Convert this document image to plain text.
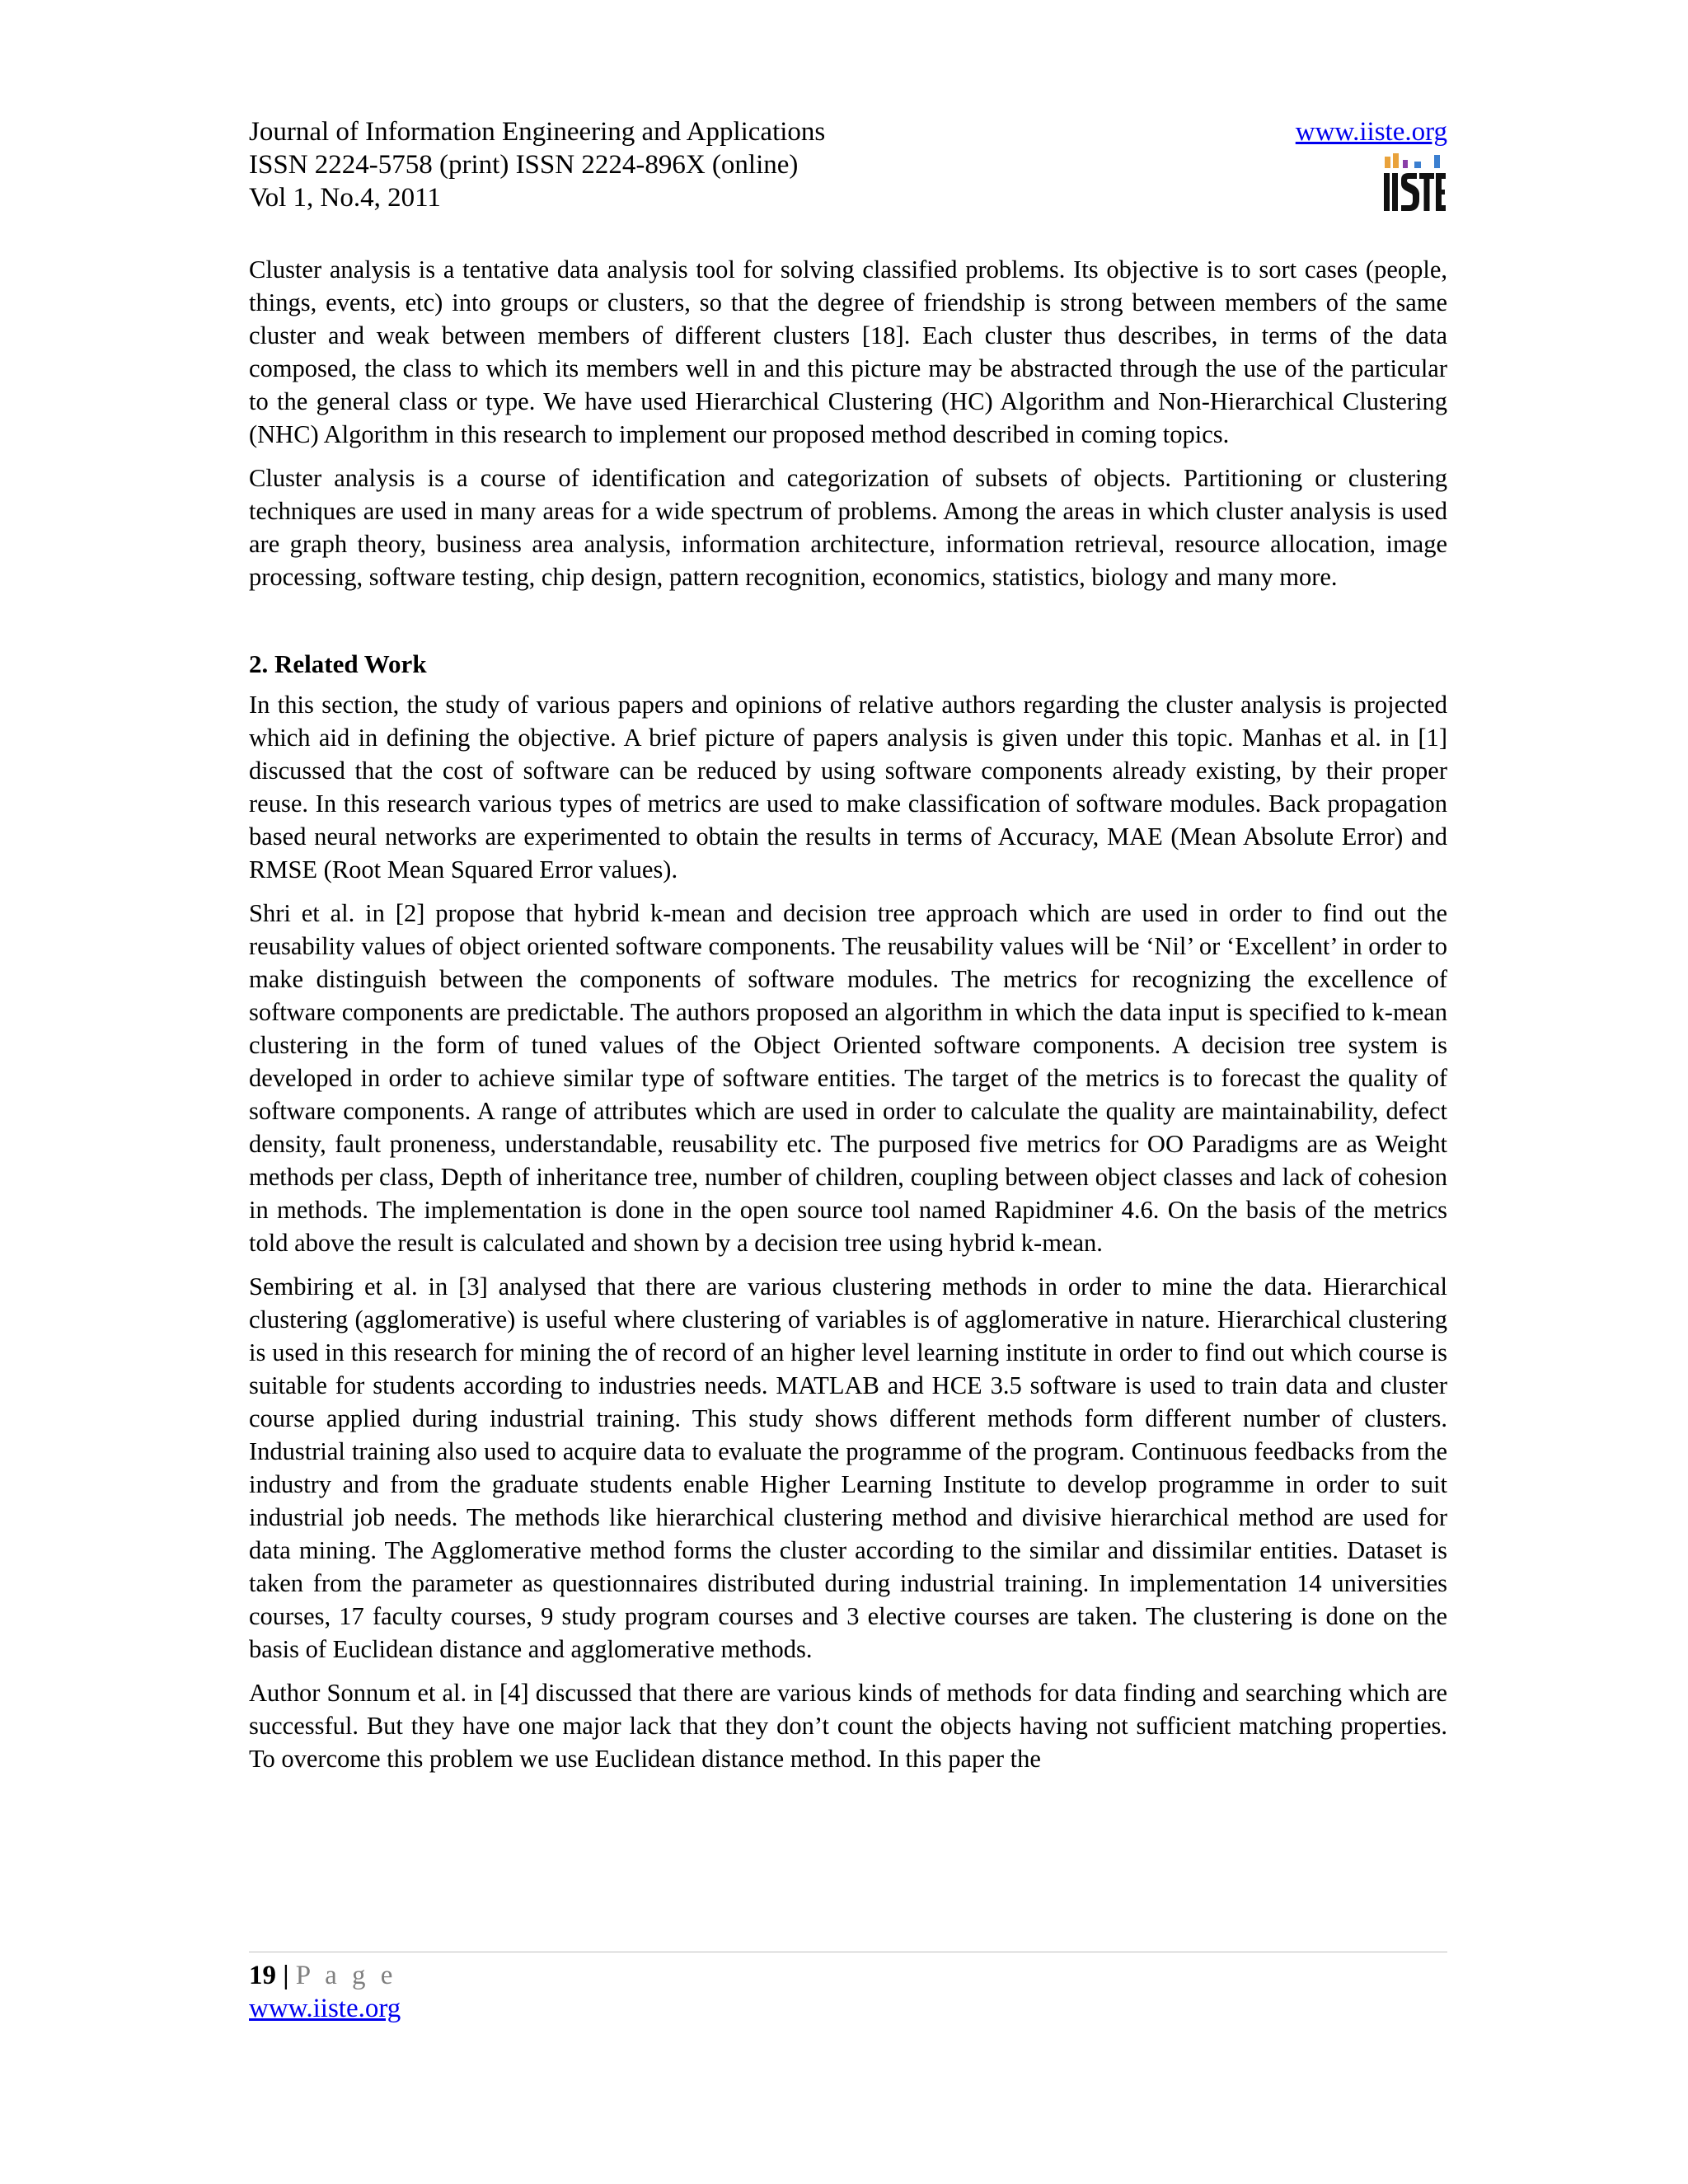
Journal of Information Engineering and Applications
ISSN 2224-5758 (print) ISSN 2224-896X (online)
Vol 1, No.4, 2011
www.iiste.org

Cluster analysis is a tentative data analysis tool for solving classified problems. Its objective is to sort cases (people, things, events, etc) into groups or clusters, so that the degree of friendship is strong between members of the same cluster and weak between members of different clusters [18]. Each cluster thus describes, in terms of the data composed, the class to which its members well in and this picture may be abstracted through the use of the particular to the general class or type. We have used Hierarchical Clustering (HC) Algorithm and Non-Hierarchical Clustering (NHC) Algorithm in this research to implement our proposed method described in coming topics.

Cluster analysis is a course of identification and categorization of subsets of objects. Partitioning or clustering techniques are used in many areas for a wide spectrum of problems. Among the areas in which cluster analysis is used are graph theory, business area analysis, information architecture, information retrieval, resource allocation, image processing, software testing, chip design, pattern recognition, economics, statistics, biology and many more.

2. Related Work

In this section, the study of various papers and opinions of relative authors regarding the cluster analysis is projected which aid in defining the objective. A brief picture of papers analysis is given under this topic. Manhas et al. in [1] discussed that the cost of software can be reduced by using software components already existing, by their proper reuse. In this research various types of metrics are used to make classification of software modules. Back propagation based neural networks are experimented to obtain the results in terms of Accuracy, MAE (Mean Absolute Error) and RMSE (Root Mean Squared Error values).

Shri et al. in [2] propose that hybrid k-mean and decision tree approach which are used in order to find out the reusability values of object oriented software components. The reusability values will be ‘Nil’ or ‘Excellent’ in order to make distinguish between the components of software modules. The metrics for recognizing the excellence of software components are predictable. The authors proposed an algorithm in which the data input is specified to k-mean clustering in the form of tuned values of the Object Oriented software components. A decision tree system is developed in order to achieve similar type of software entities. The target of the metrics is to forecast the quality of software components. A range of attributes which are used in order to calculate the quality are maintainability, defect density, fault proneness, understandable, reusability etc. The purposed five metrics for OO Paradigms are as Weight methods per class, Depth of inheritance tree, number of children, coupling between object classes and lack of cohesion in methods. The implementation is done in the open source tool named Rapidminer 4.6. On the basis of the metrics told above the result is calculated and shown by a decision tree using hybrid k-mean.

Sembiring et al. in [3] analysed that there are various clustering methods in order to mine the data. Hierarchical clustering (agglomerative) is useful where clustering of variables is of agglomerative in nature. Hierarchical clustering is used in this research for mining the of record of an higher level learning institute in order to find out which course is suitable for students according to industries needs. MATLAB and HCE 3.5 software is used to train data and cluster course applied during industrial training. This study shows different methods form different number of clusters. Industrial training also used to acquire data to evaluate the programme of the program. Continuous feedbacks from the industry and from the graduate students enable Higher Learning Institute to develop programme in order to suit industrial job needs. The methods like hierarchical clustering method and divisive hierarchical method are used for data mining. The Agglomerative method forms the cluster according to the similar and dissimilar entities. Dataset is taken from the parameter as questionnaires distributed during industrial training. In implementation 14 universities courses, 17 faculty courses, 9 study program courses and 3 elective courses are taken. The clustering is done on the basis of Euclidean distance and agglomerative methods.

Author Sonnum et al. in [4] discussed that there are various kinds of methods for data finding and searching which are successful. But they have one major lack that they don’t count the objects having not sufficient matching properties. To overcome this problem we use Euclidean distance method. In this paper the

19 | P a g e
www.iiste.org
